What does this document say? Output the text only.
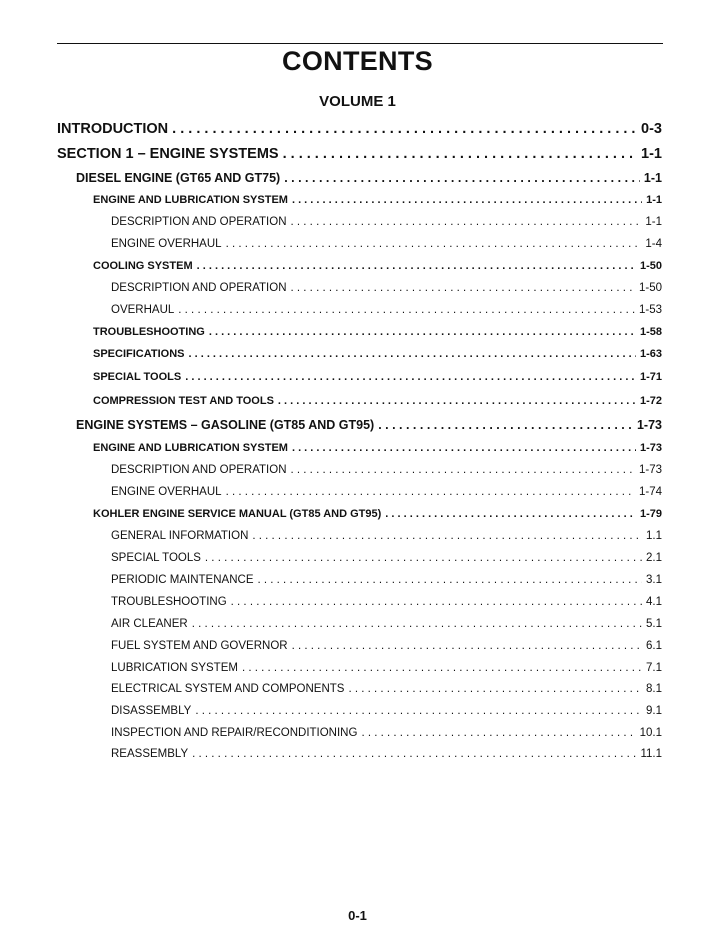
CONTENTS
VOLUME 1
INTRODUCTION . . .	0-3
SECTION 1 – ENGINE SYSTEMS . . .	1-1
DIESEL ENGINE (GT65 AND GT75) . . .	1-1
ENGINE AND LUBRICATION SYSTEM . . .	1-1
DESCRIPTION AND OPERATION . . .	1-1
ENGINE OVERHAUL . . .	1-4
COOLING SYSTEM . . .	1-50
DESCRIPTION AND OPERATION . . .	1-50
OVERHAUL . . .	1-53
TROUBLESHOOTING . . .	1-58
SPECIFICATIONS . . .	1-63
SPECIAL TOOLS . . .	1-71
COMPRESSION TEST AND TOOLS . . .	1-72
ENGINE SYSTEMS – GASOLINE (GT85 AND GT95) . . .	1-73
ENGINE AND LUBRICATION SYSTEM . . .	1-73
DESCRIPTION AND OPERATION . . .	1-73
ENGINE OVERHAUL . . .	1-74
KOHLER ENGINE SERVICE MANUAL (GT85 AND GT95) . . .	1-79
GENERAL INFORMATION . . .	1.1
SPECIAL TOOLS . . .	2.1
PERIODIC MAINTENANCE . . .	3.1
TROUBLESHOOTING . . .	4.1
AIR CLEANER . . .	5.1
FUEL SYSTEM AND GOVERNOR . . .	6.1
LUBRICATION SYSTEM . . .	7.1
ELECTRICAL SYSTEM AND COMPONENTS . . .	8.1
DISASSEMBLY . . .	9.1
INSPECTION AND REPAIR/RECONDITIONING . . .	10.1
REASSEMBLY . . .	11.1
0-1
